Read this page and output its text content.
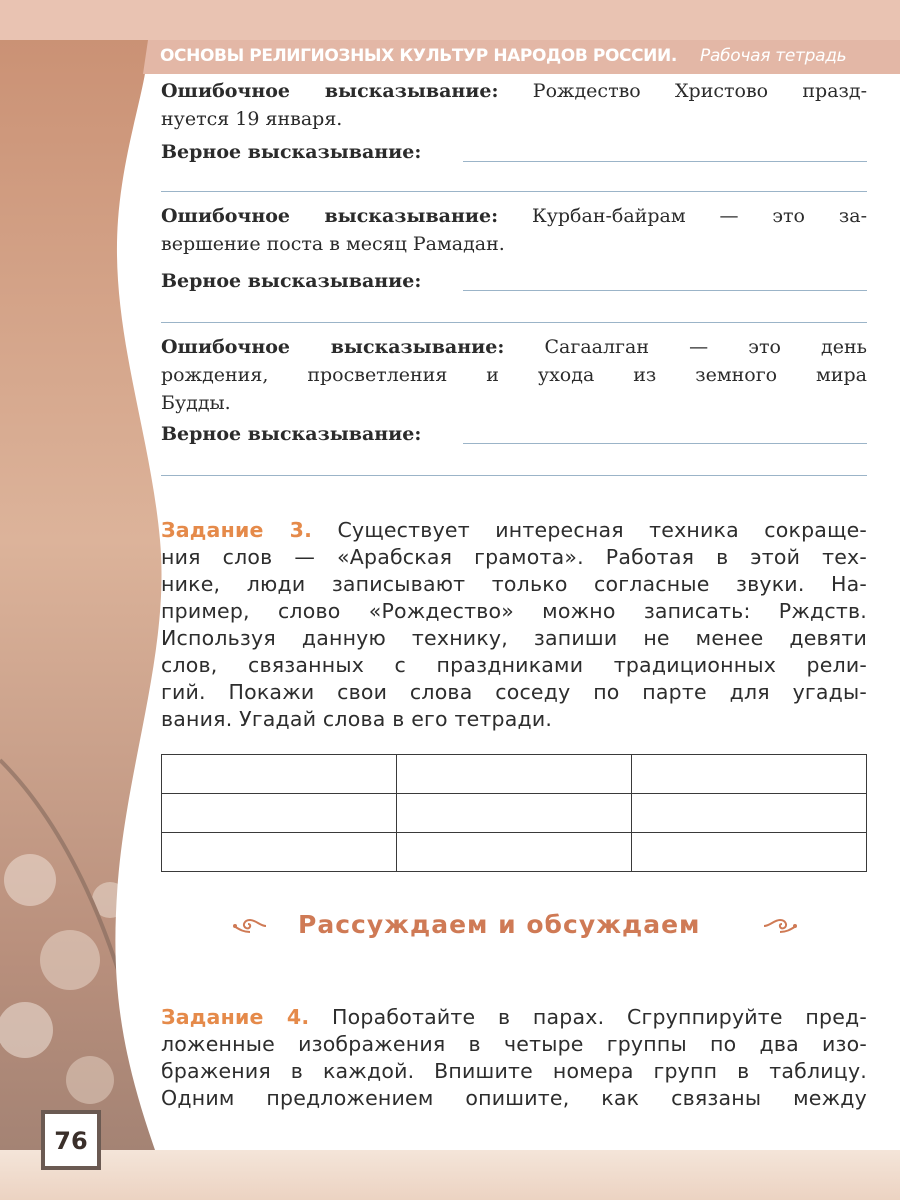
ОСНОВЫ РЕЛИГИОЗНЫХ КУЛЬТУР НАРОДОВ РОССИИ. Рабочая тетрадь
Ошибочное высказывание: Рождество Христово празд-
нуется 19 января.
Верное высказывание:
Ошибочное высказывание: Курбан-байрам — это за-
вершение поста в месяц Рамадан.
Верное высказывание:
Ошибочное высказывание: Сагаалган — это день
рождения, просветления и ухода из земного мира
Будды.
Верное высказывание:
Задание 3. Существует интересная техника сокраще-
ния слов — «Арабская грамота». Работая в этой тех-
нике, люди записывают только согласные звуки. На-
пример, слово «Рождество» можно записать: Рждств.
Используя данную технику, запиши не менее девяти
слов, связанных с праздниками традиционных рели-
гий. Покажи свои слова соседу по парте для угады-
вания. Угадай слова в его тетради.

Рассуждаем и обсуждаем
Задание 4. Поработайте в парах. Сгруппируйте пред-
ложенные изображения в четыре группы по два изо-
бражения в каждой. Впишите номера групп в таблицу.
Одним предложением опишите, как связаны между
76
